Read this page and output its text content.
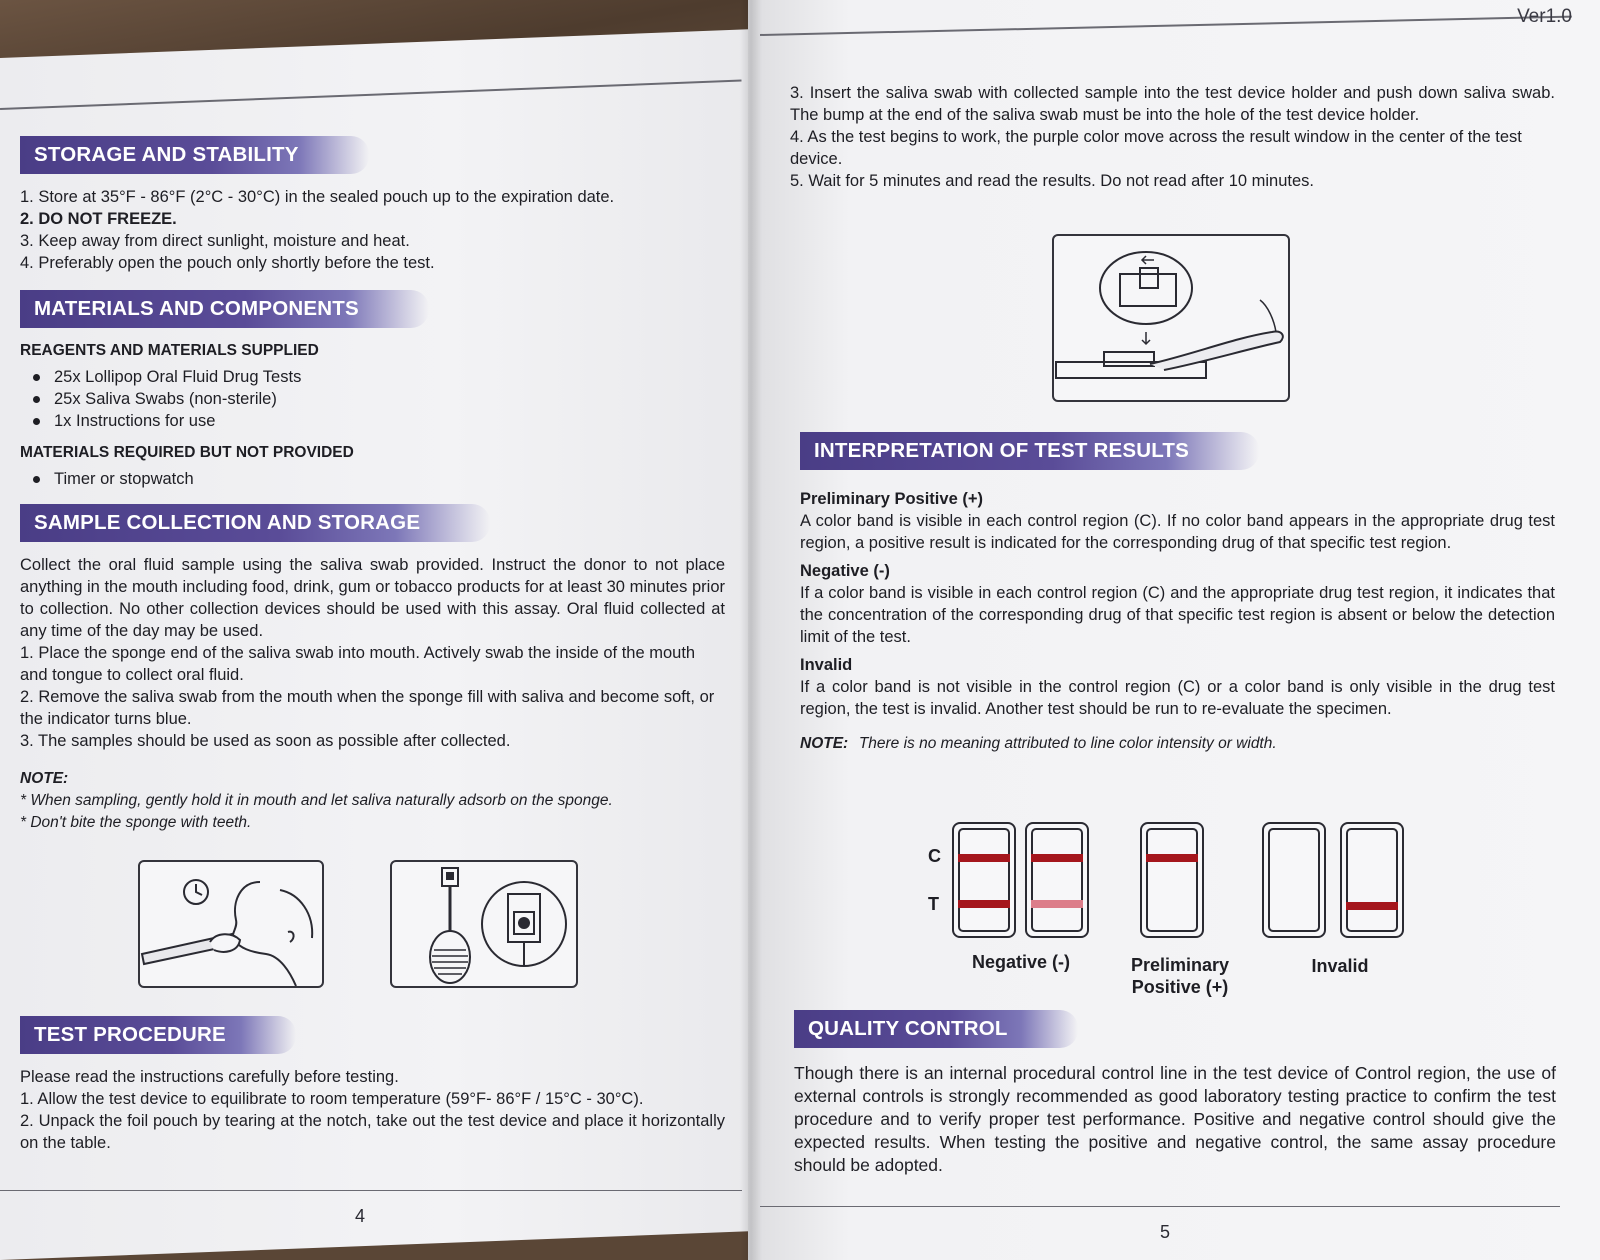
Ver1.0
STORAGE AND STABILITY
1. Store at 35°F - 86°F (2°C - 30°C) in the sealed pouch up to the expiration date.
2. DO NOT FREEZE.
3. Keep away from direct sunlight, moisture and heat.
4. Preferably open the pouch only shortly before the test.
MATERIALS AND COMPONENTS
REAGENTS AND MATERIALS SUPPLIED
25x Lollipop Oral Fluid Drug Tests
25x Saliva Swabs (non-sterile)
1x Instructions for use
MATERIALS REQUIRED BUT NOT PROVIDED
Timer or stopwatch
SAMPLE COLLECTION AND STORAGE
Collect the oral fluid sample using the saliva swab provided. Instruct the donor to not place anything in the mouth including food, drink, gum or tobacco products for at least 30 minutes prior to collection. No other collection devices should be used with this assay. Oral fluid collected at any time of the day may be used.
1. Place the sponge end of the saliva swab into mouth. Actively swab the inside of the mouth and tongue to collect oral fluid.
2. Remove the saliva swab from the mouth when the sponge fill with saliva and become soft, or the indicator turns blue.
3. The samples should be used as soon as possible after collected.
NOTE:
* When sampling, gently hold it in mouth and let saliva naturally adsorb on the sponge.
* Don't bite the sponge with teeth.
TEST PROCEDURE
Please read the instructions carefully before testing.
1. Allow the test device to equilibrate to room temperature (59°F- 86°F / 15°C - 30°C).
2. Unpack the foil pouch by tearing at the notch, take out the test device and place it horizontally on the table.
4
3. Insert the saliva swab with collected sample into the test device holder and push down saliva swab. The bump at the end of the saliva swab must be into the hole of the test device holder.
4. As the test begins to work, the purple color move across the result window in the center of the test device.
5. Wait for 5 minutes and read the results. Do not read after 10 minutes.
INTERPRETATION OF TEST RESULTS
Preliminary Positive (+)
A color band is visible in each control region (C). If no color band appears in the appropriate drug test region, a positive result is indicated for the corresponding drug of that specific test region.
Negative (-)
If a color band is visible in each control region (C) and the appropriate drug test region, it indicates that the concentration of the corresponding drug of that specific test region is absent or below the detection limit of the test.
Invalid
If a color band is not visible in the control region (C) or a color band is only visible in the drug test region, the test is invalid. Another test should be run to re-evaluate the specimen.
NOTE: There is no meaning attributed to line color intensity or width.
C
T
Negative (-)	Preliminary
Positive (+)
Invalid
QUALITY CONTROL
Though there is an internal procedural control line in the test device of Control region, the use of external controls is strongly recommended as good laboratory testing practice to confirm the test procedure and to verify proper test performance. Positive and negative control should give the expected results. When testing the positive and negative control, the same assay procedure should be adopted.
5
